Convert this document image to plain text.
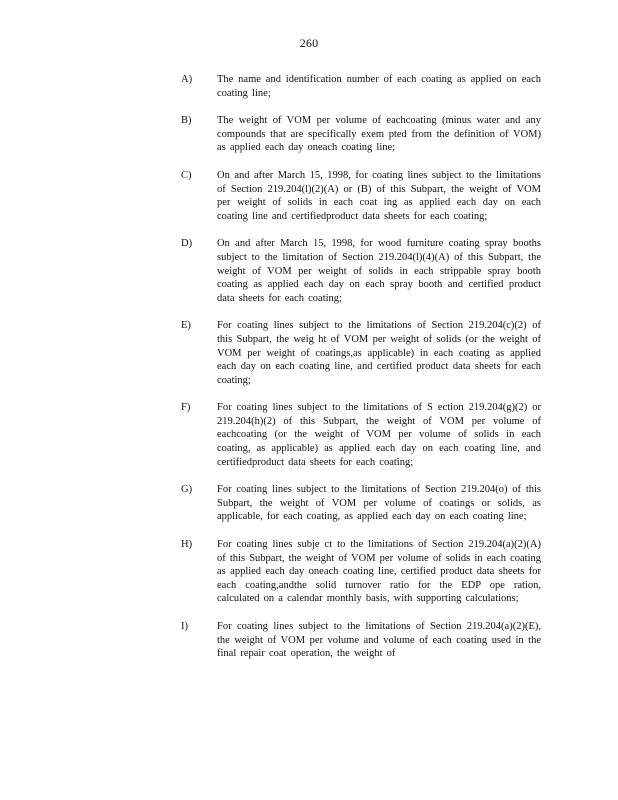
260
A)	The name and identification number of each coating as applied on each coating line;
B)	The weight of VOM per volume of eachcoating (minus water and any compounds that are specifically exem pted from the definition of VOM) as applied each day oneach coating line;
C)	On and after March 15, 1998, for coating lines subject to the limitations of Section 219.204(l)(2)(A) or (B) of this Subpart, the weight of VOM per weight of solids in each coat ing as applied each day on each coating line and certifiedproduct data sheets for each coating;
D)	On and after March 15, 1998, for wood furniture coating spray booths subject to the limitation of Section 219.204(l)(4)(A) of this Subpart, the weight of VOM per weight of solids in each strippable spray booth coating as applied each day on each spray booth and certified product data sheets for each coating;
E)	For coating lines subject to the limitations of Section 219.204(c)(2) of this Subpart, the weig ht of VOM per weight of solids (or the weight of VOM per weight of coatings,as applicable) in each coating as applied each day on each coating line, and certified product data sheets for each coating;
F)	For coating lines subject to the limitations of S ection 219.204(g)(2) or 219.204(h)(2) of this Subpart, the weight of VOM per volume of eachcoating (or the weight of VOM per volume of solids in each coating, as applicable) as applied each day on each coating line, and certifiedproduct data sheets for each coating;
G)	For coating lines subject to the limitations of Section 219.204(o) of this Subpart, the weight of VOM per volume of coatings or solids, as applicable, for each coating, as applied each day on each coating line;
H)	For coating lines subje ct to the limitations of Section 219.204(a)(2)(A) of this Subpart, the weight of VOM per volume of solids in each coating as applied each day oneach coating line, certified product data sheets for each coating,andthe solid turnover ratio for the EDP ope ration, calculated on a calendar monthly basis, with supporting calculations;
I)	For coating lines subject to the limitations of Section 219.204(a)(2)(E), the weight of VOM per volume and volume of each coating used in the final repair coat operation, the weight of
